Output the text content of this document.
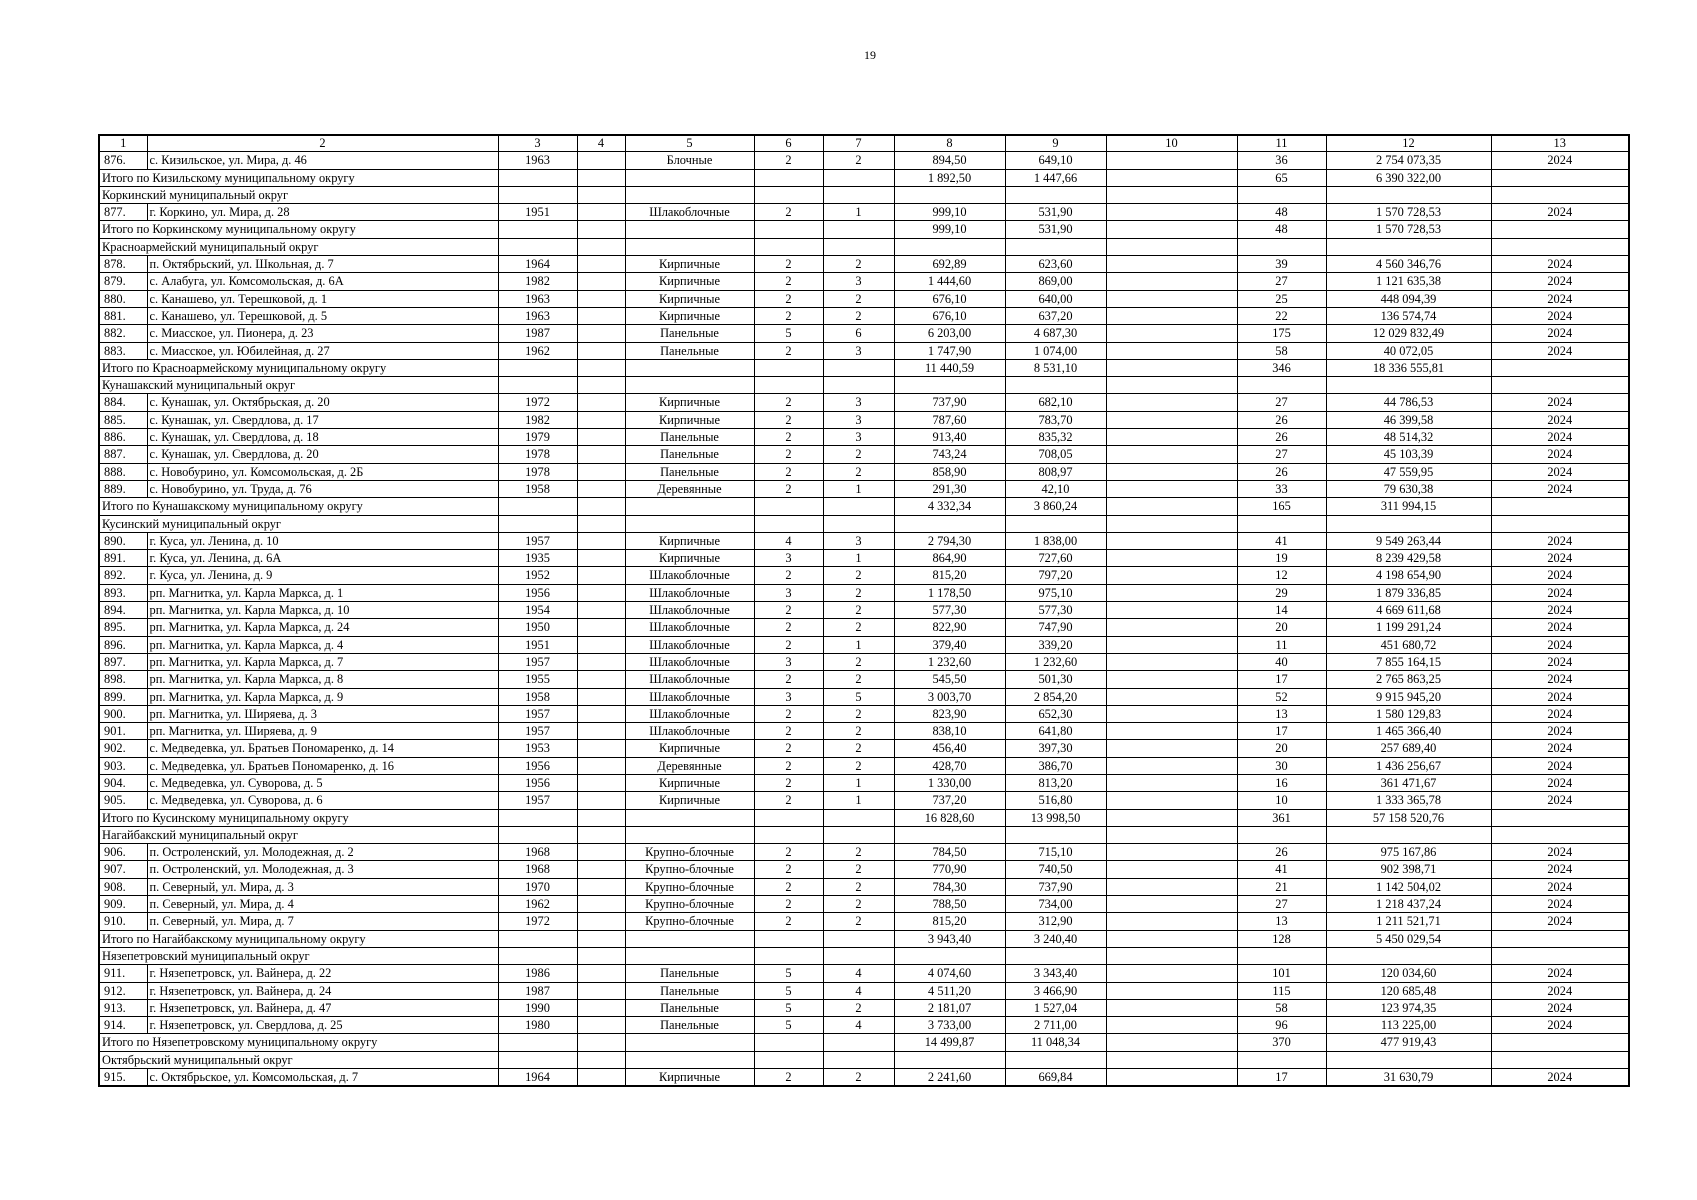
19
1	2	3	4	5	6	7	8	9	10	11	12	13
876.	с. Кизильское, ул. Мира, д. 46	1963		Блочные	2	2	894,50	649,10		36	2 754 073,35	2024
Итого по Кизильскому муниципальному округу							1 892,50	1 447,66		65	6 390 322,00	
Коркинский муниципальный округ												
877.	г. Коркино, ул. Мира, д. 28	1951		Шлакоблочные	2	1	999,10	531,90		48	1 570 728,53	2024
Итого по Коркинскому муниципальному округу							999,10	531,90		48	1 570 728,53	
Красноармейский муниципальный округ												
878.	п. Октябрьский, ул. Школьная, д. 7	1964		Кирпичные	2	2	692,89	623,60		39	4 560 346,76	2024
879.	с. Алабуга, ул. Комсомольская, д. 6А	1982		Кирпичные	2	3	1 444,60	869,00		27	1 121 635,38	2024
880.	с. Канашево, ул. Терешковой, д. 1	1963		Кирпичные	2	2	676,10	640,00		25	448 094,39	2024
881.	с. Канашево, ул. Терешковой, д. 5	1963		Кирпичные	2	2	676,10	637,20		22	136 574,74	2024
882.	с. Миасское, ул. Пионера, д. 23	1987		Панельные	5	6	6 203,00	4 687,30		175	12 029 832,49	2024
883.	с. Миасское, ул. Юбилейная, д. 27	1962		Панельные	2	3	1 747,90	1 074,00		58	40 072,05	2024
Итого по Красноармейскому муниципальному округу							11 440,59	8 531,10		346	18 336 555,81	
Кунашакский муниципальный округ												
884.	с. Кунашак, ул. Октябрьская, д. 20	1972		Кирпичные	2	3	737,90	682,10		27	44 786,53	2024
885.	с. Кунашак, ул. Свердлова, д. 17	1982		Кирпичные	2	3	787,60	783,70		26	46 399,58	2024
886.	с. Кунашак, ул. Свердлова, д. 18	1979		Панельные	2	3	913,40	835,32		26	48 514,32	2024
887.	с. Кунашак, ул. Свердлова, д. 20	1978		Панельные	2	2	743,24	708,05		27	45 103,39	2024
888.	с. Новобурино, ул. Комсомольская, д. 2Б	1978		Панельные	2	2	858,90	808,97		26	47 559,95	2024
889.	с. Новобурино, ул. Труда, д. 76	1958		Деревянные	2	1	291,30	42,10		33	79 630,38	2024
Итого по Кунашакскому муниципальному округу							4 332,34	3 860,24		165	311 994,15	
Кусинский муниципальный округ												
890.	г. Куса, ул. Ленина, д. 10	1957		Кирпичные	4	3	2 794,30	1 838,00		41	9 549 263,44	2024
891.	г. Куса, ул. Ленина, д. 6А	1935		Кирпичные	3	1	864,90	727,60		19	8 239 429,58	2024
892.	г. Куса, ул. Ленина, д. 9	1952		Шлакоблочные	2	2	815,20	797,20		12	4 198 654,90	2024
893.	рп. Магнитка, ул. Карла Маркса, д. 1	1956		Шлакоблочные	3	2	1 178,50	975,10		29	1 879 336,85	2024
894.	рп. Магнитка, ул. Карла Маркса, д. 10	1954		Шлакоблочные	2	2	577,30	577,30		14	4 669 611,68	2024
895.	рп. Магнитка, ул. Карла Маркса, д. 24	1950		Шлакоблочные	2	2	822,90	747,90		20	1 199 291,24	2024
896.	рп. Магнитка, ул. Карла Маркса, д. 4	1951		Шлакоблочные	2	1	379,40	339,20		11	451 680,72	2024
897.	рп. Магнитка, ул. Карла Маркса, д. 7	1957		Шлакоблочные	3	2	1 232,60	1 232,60		40	7 855 164,15	2024
898.	рп. Магнитка, ул. Карла Маркса, д. 8	1955		Шлакоблочные	2	2	545,50	501,30		17	2 765 863,25	2024
899.	рп. Магнитка, ул. Карла Маркса, д. 9	1958		Шлакоблочные	3	5	3 003,70	2 854,20		52	9 915 945,20	2024
900.	рп. Магнитка, ул. Ширяева, д. 3	1957		Шлакоблочные	2	2	823,90	652,30		13	1 580 129,83	2024
901.	рп. Магнитка, ул. Ширяева, д. 9	1957		Шлакоблочные	2	2	838,10	641,80		17	1 465 366,40	2024
902.	с. Медведевка, ул. Братьев Пономаренко, д. 14	1953		Кирпичные	2	2	456,40	397,30		20	257 689,40	2024
903.	с. Медведевка, ул. Братьев Пономаренко, д. 16	1956		Деревянные	2	2	428,70	386,70		30	1 436 256,67	2024
904.	с. Медведевка, ул. Суворова, д. 5	1956		Кирпичные	2	1	1 330,00	813,20		16	361 471,67	2024
905.	с. Медведевка, ул. Суворова, д. 6	1957		Кирпичные	2	1	737,20	516,80		10	1 333 365,78	2024
Итого по Кусинскому муниципальному округу							16 828,60	13 998,50		361	57 158 520,76	
Нагайбакский муниципальный округ												
906.	п. Остроленский, ул. Молодежная, д. 2	1968		Крупно-блочные	2	2	784,50	715,10		26	975 167,86	2024
907.	п. Остроленский, ул. Молодежная, д. 3	1968		Крупно-блочные	2	2	770,90	740,50		41	902 398,71	2024
908.	п. Северный, ул. Мира, д. 3	1970		Крупно-блочные	2	2	784,30	737,90		21	1 142 504,02	2024
909.	п. Северный, ул. Мира, д. 4	1962		Крупно-блочные	2	2	788,50	734,00		27	1 218 437,24	2024
910.	п. Северный, ул. Мира, д. 7	1972		Крупно-блочные	2	2	815,20	312,90		13	1 211 521,71	2024
Итого по Нагайбакскому муниципальному округу							3 943,40	3 240,40		128	5 450 029,54	
Нязепетровский муниципальный округ												
911.	г. Нязепетровск, ул. Вайнера, д. 22	1986		Панельные	5	4	4 074,60	3 343,40		101	120 034,60	2024
912.	г. Нязепетровск, ул. Вайнера, д. 24	1987		Панельные	5	4	4 511,20	3 466,90		115	120 685,48	2024
913.	г. Нязепетровск, ул. Вайнера, д. 47	1990		Панельные	5	2	2 181,07	1 527,04		58	123 974,35	2024
914.	г. Нязепетровск, ул. Свердлова, д. 25	1980		Панельные	5	4	3 733,00	2 711,00		96	113 225,00	2024
Итого по Нязепетровскому муниципальному округу							14 499,87	11 048,34		370	477 919,43	
Октябрьский муниципальный округ												
915.	с. Октябрьское, ул. Комсомольская, д. 7	1964		Кирпичные	2	2	2 241,60	669,84		17	31 630,79	2024
